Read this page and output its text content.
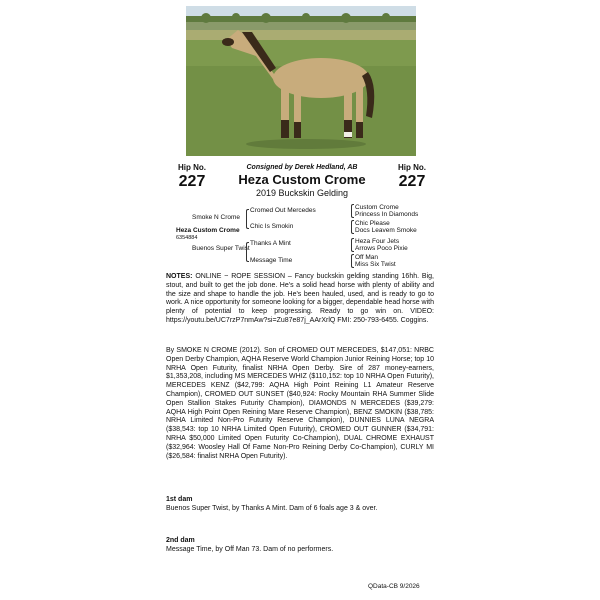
Hip No.
227
Hip No.
227
Consigned by Derek Hedland, AB
Heza Custom Crome
2019 Buckskin Gelding
Smoke N Crome
Heza Custom Crome
6354884
Buenos Super Twist
Cromed Out Mercedes
Chic Is Smokin
Thanks A Mint
Message Time
Custom Crome
Princess In Diamonds
Chic Please
Docs Leavem Smoke
Heza Four Jets
Arrows Poco Pixie
Off Man
Miss Six Twist
NOTES: ONLINE ~ ROPE SESSION – Fancy buckskin gelding standing 16hh. Big, stout, and built to get the job done. He's a solid head horse with plenty of ability and the size and shape to handle the job. He's been hauled, used, and is ready to go to work. A nice opportunity for someone looking for a bigger, dependable head horse with plenty of potential to keep progressing. Ready to go win on. VIDEO: https://youtu.be/UC7rzP7nmAw?si=Zu87e87j_AArXrlQ FMI: 250-793-6455. Coggins.
By SMOKE N CROME (2012). Son of CROMED OUT MERCEDES, $147,051: NRBC Open Derby Champion, AQHA Reserve World Champion Junior Reining Horse; top 10 NRHA Open Futurity, finalist NRHA Open Derby. Sire of 287 money-earners, $1,353,208, including MS MERCEDES WHIZ ($110,152: top 10 NRHA Open Futurity), MERCEDES KENZ ($42,799: AQHA High Point Reining L1 Amateur Reserve Champion), CROMED OUT SUNSET ($40,924: Rocky Mountain RHA Summer Slide Open Stallion Stakes Futurity Champion), DIAMONDS N MERCEDES ($39,279: AQHA High Point Open Reining Mare Reserve Champion), BENZ SMOKIN ($38,785: NRHA Limited Non-Pro Futurity Reserve Champion), DUNNIES LUNA NEGRA ($38,543: top 10 NRHA Limited Open Futurity), CROMED OUT GUNNER ($34,791: NRHA $50,000 Limited Open Futurity Co-Champion), DUAL CHROME EXHAUST ($32,964: Woosley Hall Of Fame Non-Pro Reining Derby Co-Champion), CURLY MI ($26,584: finalist NRHA Open Futurity).
1st dam
Buenos Super Twist, by Thanks A Mint. Dam of 6 foals age 3 & over.
2nd dam
Message Time, by Off Man 73. Dam of no performers.
QData-CB 9/2026
